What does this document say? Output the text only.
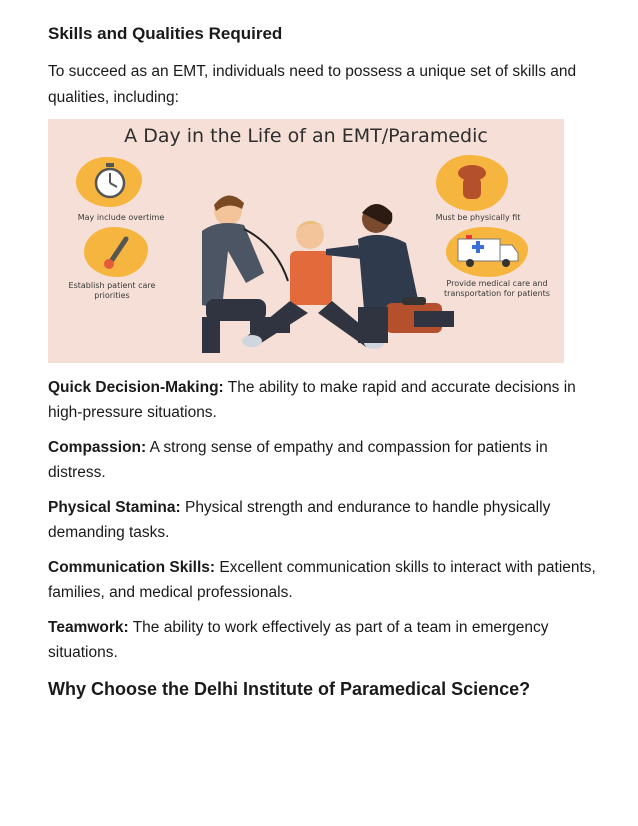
Skills and Qualities Required

To succeed as an EMT, individuals need to possess a unique set of skills and qualities, including:

A Day in the Life of an EMT/Paramedic
May include overtime
Establish patient care priorities
Must be physically fit
Provide medical care and transportation for patients

Quick Decision-Making: The ability to make rapid and accurate decisions in high-pressure situations.

Compassion: A strong sense of empathy and compassion for patients in distress.

Physical Stamina: Physical strength and endurance to handle physically demanding tasks.

Communication Skills: Excellent communication skills to interact with patients, families, and medical professionals.

Teamwork: The ability to work effectively as part of a team in emergency situations.

Why Choose the Delhi Institute of Paramedical Science?
